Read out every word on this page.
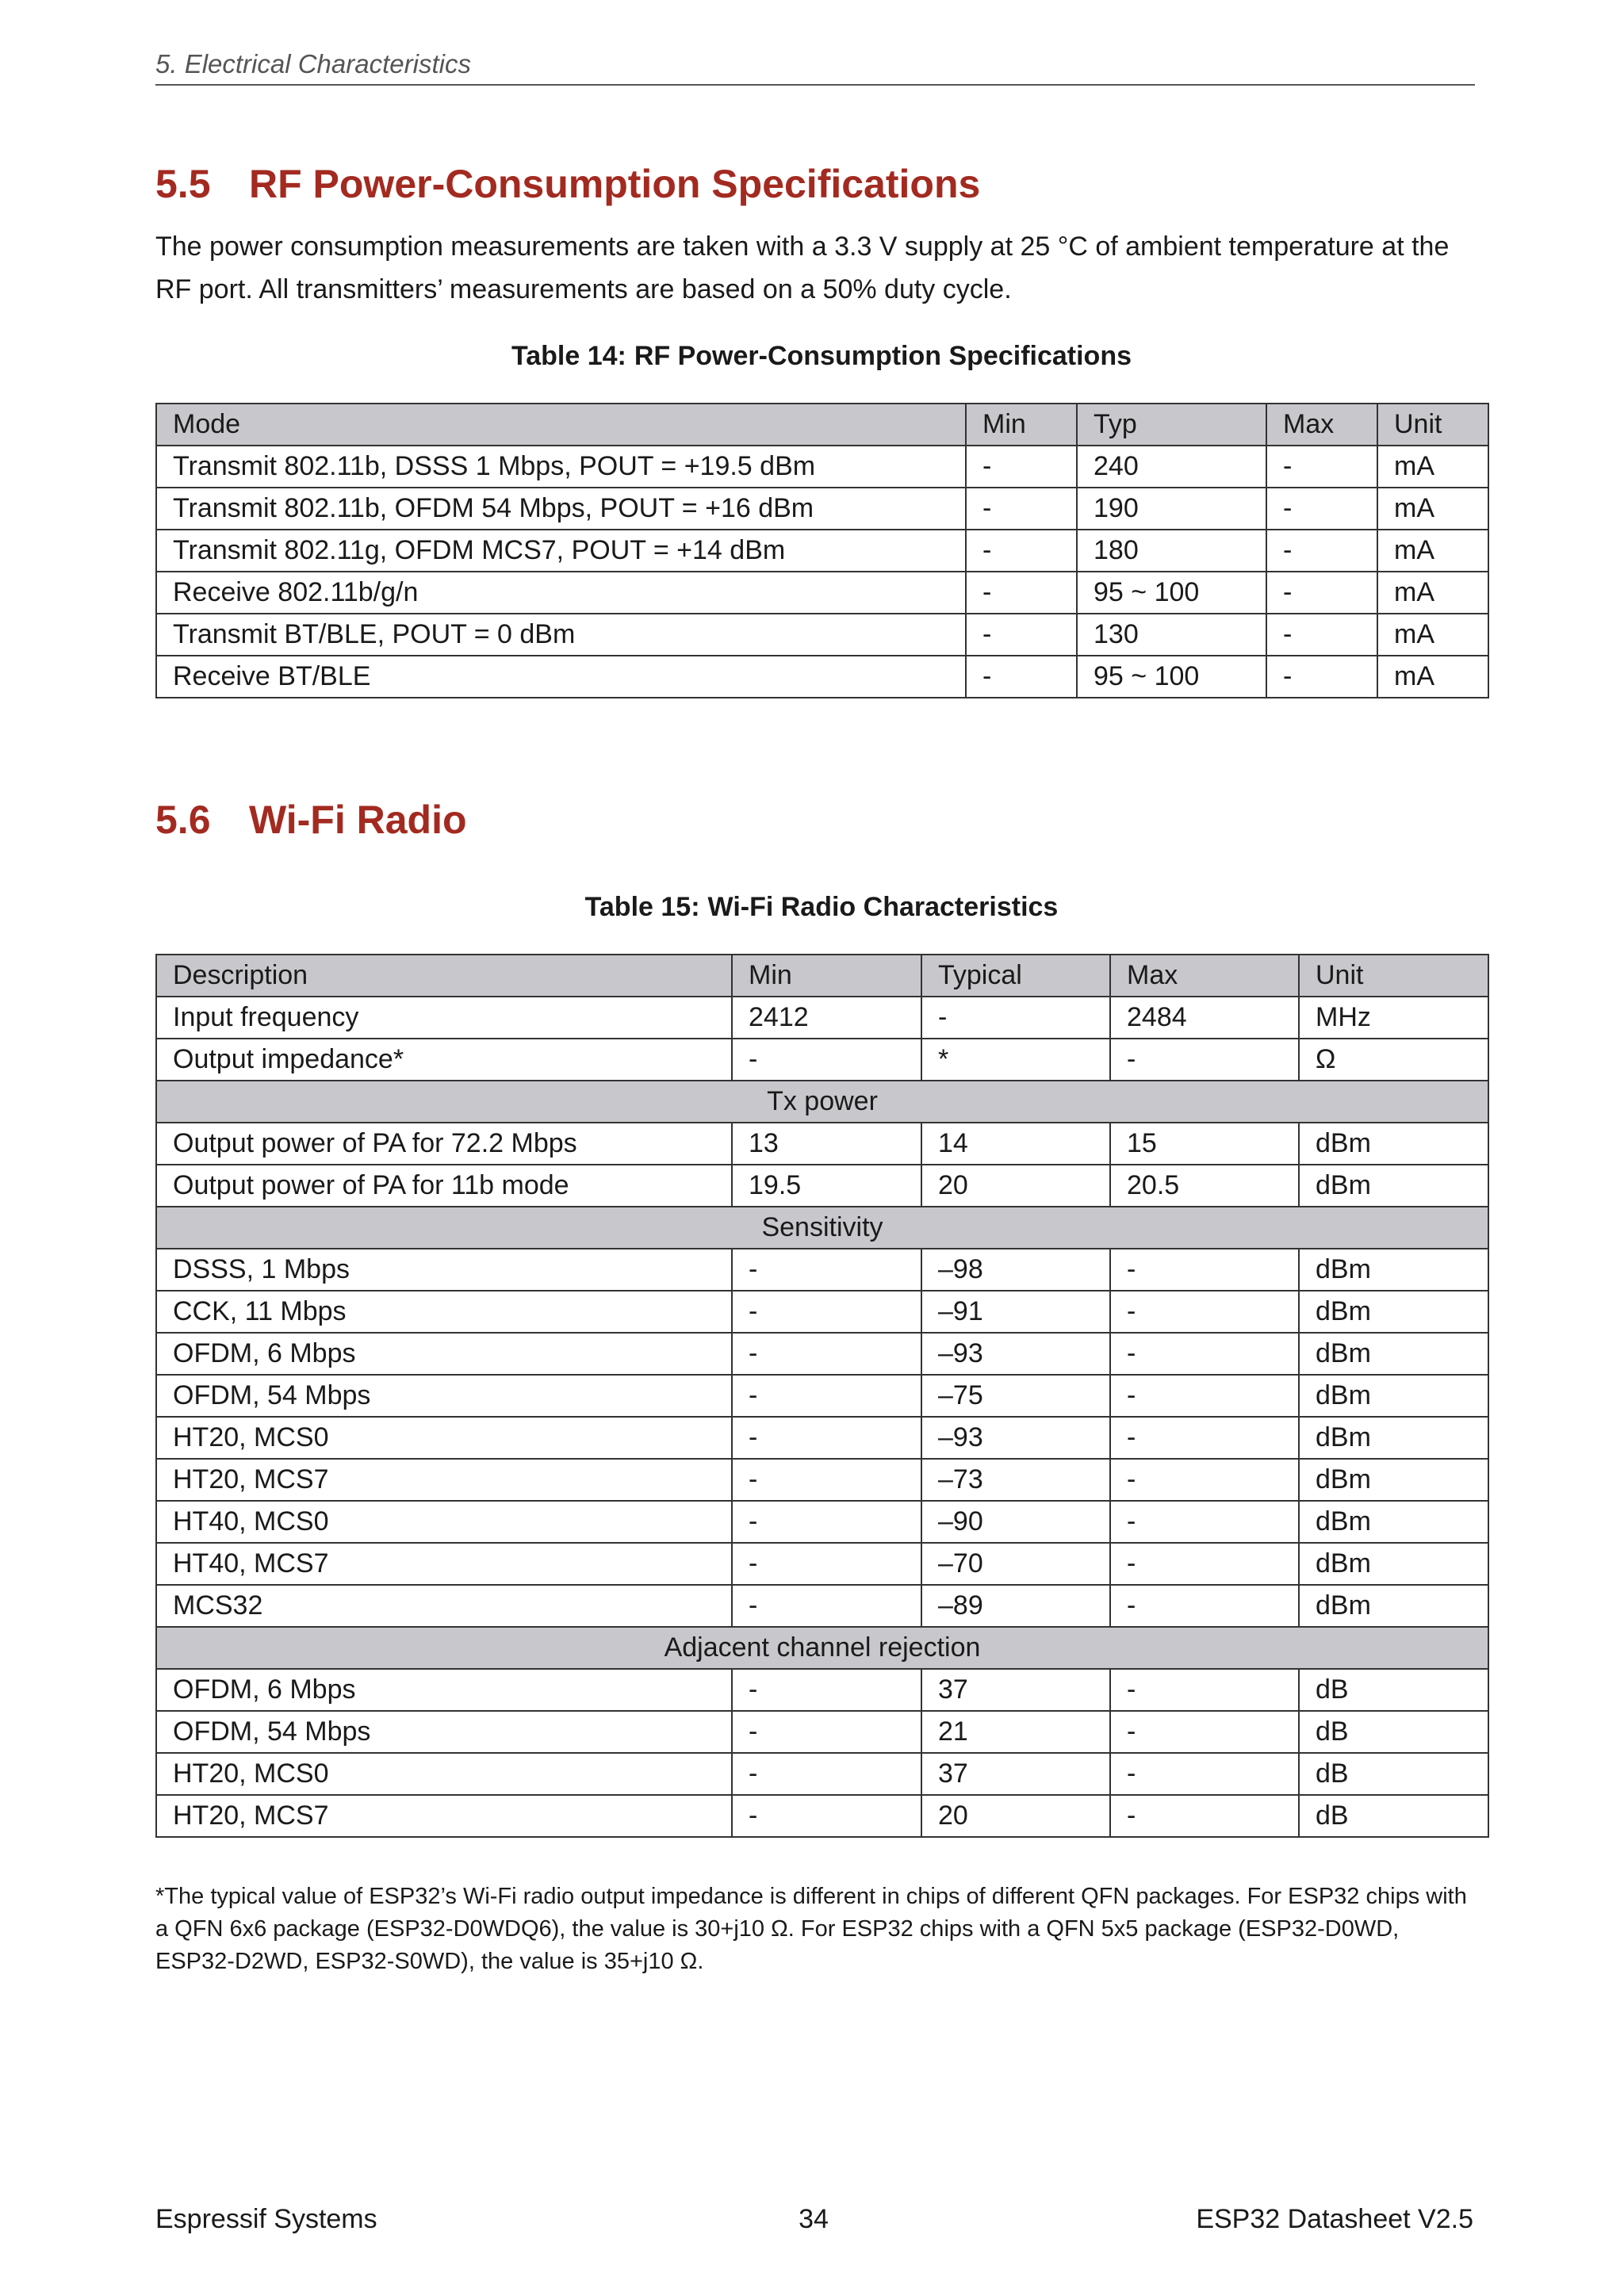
5. Electrical Characteristics
5.5 RF Power-Consumption Specifications

The power consumption measurements are taken with a 3.3 V supply at 25 °C of ambient temperature at the RF port. All transmitters’ measurements are based on a 50% duty cycle.

Table 14: RF Power-Consumption Specifications
Mode	Min	Typ	Max	Unit
Transmit 802.11b, DSSS 1 Mbps, POUT = +19.5 dBm	-	240	-	mA
Transmit 802.11b, OFDM 54 Mbps, POUT = +16 dBm	-	190	-	mA
Transmit 802.11g, OFDM MCS7, POUT = +14 dBm	-	180	-	mA
Receive 802.11b/g/n	-	95 ~ 100	-	mA
Transmit BT/BLE, POUT = 0 dBm	-	130	-	mA
Receive BT/BLE	-	95 ~ 100	-	mA
5.6 Wi-Fi Radio
Table 15: Wi-Fi Radio Characteristics
Description	Min	Typical	Max	Unit
Input frequency	2412	-	2484	MHz
Output impedance*	-	*	-	Ω
Tx power				
Output power of PA for 72.2 Mbps	13	14	15	dBm
Output power of PA for 11b mode	19.5	20	20.5	dBm
Sensitivity				
DSSS, 1 Mbps	-	–98	-	dBm
CCK, 11 Mbps	-	–91	-	dBm
OFDM, 6 Mbps	-	–93	-	dBm
OFDM, 54 Mbps	-	–75	-	dBm
HT20, MCS0	-	–93	-	dBm
HT20, MCS7	-	–73	-	dBm
HT40, MCS0	-	–90	-	dBm
HT40, MCS7	-	–70	-	dBm
MCS32	-	–89	-	dBm
Adjacent channel rejection				
OFDM, 6 Mbps	-	37	-	dB
OFDM, 54 Mbps	-	21	-	dB
HT20, MCS0	-	37	-	dB
HT20, MCS7	-	20	-	dB

*The typical value of ESP32’s Wi-Fi radio output impedance is different in chips of different QFN packages. For ESP32 chips with a QFN 6x6 package (ESP32-D0WDQ6), the value is 30+j10 Ω. For ESP32 chips with a QFN 5x5 package (ESP32-D0WD, ESP32-D2WD, ESP32-S0WD), the value is 35+j10 Ω.

Espressif Systems	34	ESP32 Datasheet V2.5
